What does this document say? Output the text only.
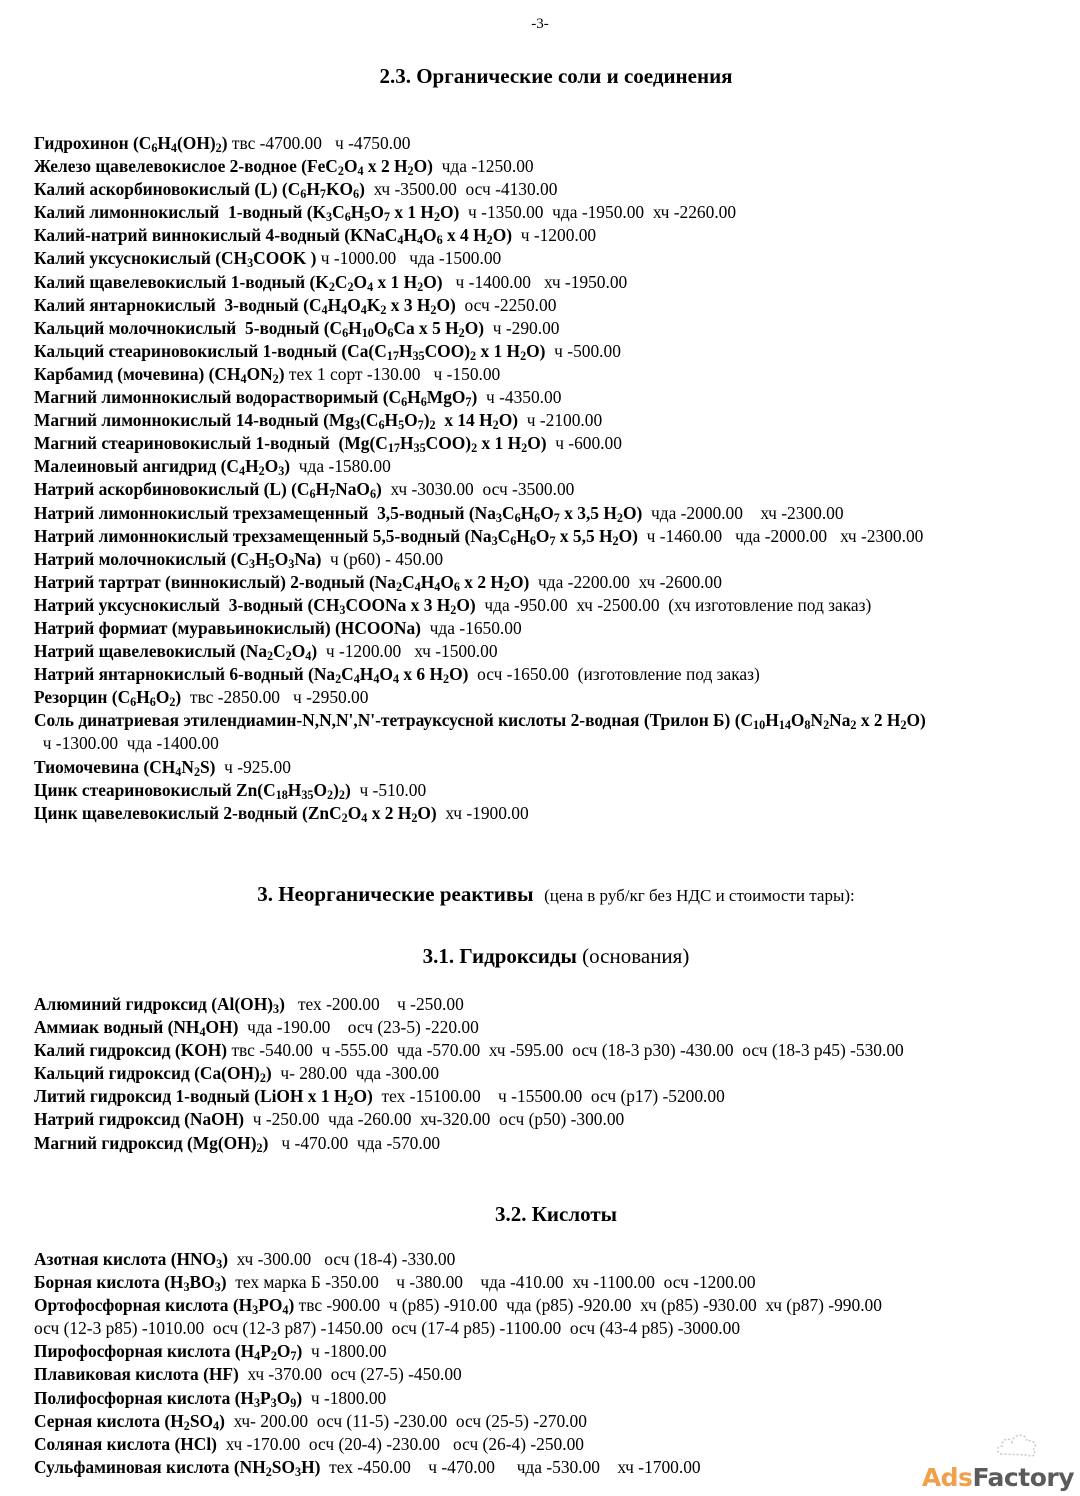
-3-
2.3. Органические соли и соединения
Гидрохинон $(C_6H_4(OH)_2)$ твс -4700.00   ч -4750.00
Железо щавелевокислое 2-водное ($FeC_2O_4$ x 2 $H_2O$)  чда -1250.00
Калий аскорбиновокислый (L) $(C_6H_7KO_6)$  хч -3500.00  осч -4130.00
Калий лимоннокислый  1-водный ($K_3C_6H_5O_7$ x 1 $H_2O$)  ч -1350.00  чда -1950.00  хч -2260.00
Калий-натрий виннокислый 4-водный ($KNaC_4H_4O_6$ x 4 $H_2O$)  ч -1200.00
Калий уксуснокислый ($CH_3COOK$ ) ч -1000.00   чда -1500.00
Калий щавелевокислый 1-водный ($K_2C_2O_4$ x 1 $H_2O$)   ч -1400.00   хч -1950.00
Калий янтарнокислый  3-водный ($C_4H_4O_4K_2$ x 3 $H_2O$)  осч -2250.00
Кальций молочнокислый  5-водный ($C_6H_{10}O_6Ca$ x 5 $H_2O$)  ч -290.00
Кальций стеариновокислый 1-водный ($Ca(C_{17}H_{35}COO)_2$ x 1 $H_2O$)  ч -500.00
Карбамид (мочевина) $(CH_4ON_2)$ тех 1 сорт -130.00   ч -150.00
Магний лимоннокислый водорастворимый $(C_6H_6MgO_7)$  ч -4350.00
Магний лимоннокислый 14-водный ($Mg_3(C_6H_5O_7)_2$  x 14 $H_2O$)  ч -2100.00
Магний стеариновокислый 1-водный  ($Mg(C_{17}H_{35}COO)_2$ x 1 $H_2O$)  ч -600.00
Малеиновый ангидрид $(C_4H_2O_3)$  чда -1580.00
Натрий аскорбиновокислый (L) $(C_6H_7NaO_6)$  хч -3030.00  осч -3500.00
Натрий лимоннокислый трехзамещенный  3,5-водный ($Na_3C_6H_6O_7$ x 3,5 $H_2O$)  чда -2000.00    хч -2300.00
Натрий лимоннокислый трехзамещенный 5,5-водный ($Na_3C_6H_6O_7$ x 5,5 $H_2O$)  ч -1460.00   чда -2000.00   хч -2300.00
Натрий молочнокислый $(C_3H_5O_3Na)$  ч (р60) - 450.00
Натрий тартрат (виннокислый) 2-водный ($Na_2C_4H_4O_6$ x 2 $H_2O$)  чда -2200.00  хч -2600.00
Натрий уксуснокислый  3-водный ($CH_3COONa$ x 3 $H_2O$)  чда -950.00  хч -2500.00  (хч изготовление под заказ)
Натрий формиат (муравьинокислый) (HCOONa)  чда -1650.00
Натрий щавелевокислый $(Na_2C_2O_4)$  ч -1200.00   хч -1500.00
Натрий янтарнокислый 6-водный ($Na_2C_4H_4O_4$ x 6 $H_2O$)  осч -1650.00  (изготовление под заказ)
Резорцин $(C_6H_6O_2)$  твс -2850.00   ч -2950.00
Соль динатриевая этилендиамин-N,N,N',N'-тетрауксусной кислоты 2-водная (Трилон Б) ($C_{10}H_{14}O_8N_2Na_2$ x 2 $H_2O$)
ч -1300.00  чда -1400.00
Тиомочевина $(CH_4N_2S)$  ч -925.00
Цинк стеариновокислый $Zn(C_{18}H_{35}O_2)_2$)  ч -510.00
Цинк щавелевокислый 2-водный ($ZnC_2O_4$ x 2 $H_2O$)  хч -1900.00
3. Неорганические реактивы (цена в руб/кг без НДС и стоимости тары):
3.1. Гидроксиды (основания)
Алюминий гидроксид $(Al(OH)_3)$   тех -200.00    ч -250.00
Аммиак водный $(NH_4OH)$  чда -190.00    осч (23-5) -220.00
Калий гидроксид (KOH) твс -540.00  ч -555.00  чда -570.00  хч -595.00  осч (18-3 р30) -430.00  осч (18-3 р45) -530.00
Кальций гидроксид $(Ca(OH)_2)$  ч- 280.00  чда -300.00
Литий гидроксид 1-водный (LiOH x 1 $H_2O$)  тех -15100.00    ч -15500.00  осч (р17) -5200.00
Натрий гидроксид (NaOH)  ч -250.00  чда -260.00  хч-320.00  осч (р50) -300.00
Магний гидроксид $(Mg(OH)_2)$   ч -470.00  чда -570.00
3.2. Кислоты
Азотная кислота $(HNO_3)$  хч -300.00   осч (18-4) -330.00
Борная кислота $(H_3BO_3)$  тех марка Б -350.00    ч -380.00    чда -410.00  хч -1100.00  осч -1200.00
Ортофосфорная кислота $(H_3PO_4)$ твс -900.00  ч (р85) -910.00  чда (р85) -920.00  хч (р85) -930.00  хч (р87) -990.00
осч (12-3 р85) -1010.00  осч (12-3 р87) -1450.00  осч (17-4 р85) -1100.00  осч (43-4 р85) -3000.00
Пирофосфорная кислота $(H_4P_2O_7)$  ч -1800.00
Плавиковая кислота (HF)  хч -370.00  осч (27-5) -450.00
Полифосфорная кислота $(H_3P_3O_9)$  ч -1800.00
Серная кислота $(H_2SO_4)$  хч- 200.00  осч (11-5) -230.00  осч (25-5) -270.00
Соляная кислота (HCl)  хч -170.00  осч (20-4) -230.00   осч (26-4) -250.00
Сульфаминовая кислота $(NH_2SO_3H)$  тех -450.00    ч -470.00     чда -530.00    хч -1700.00	AdsFactory
